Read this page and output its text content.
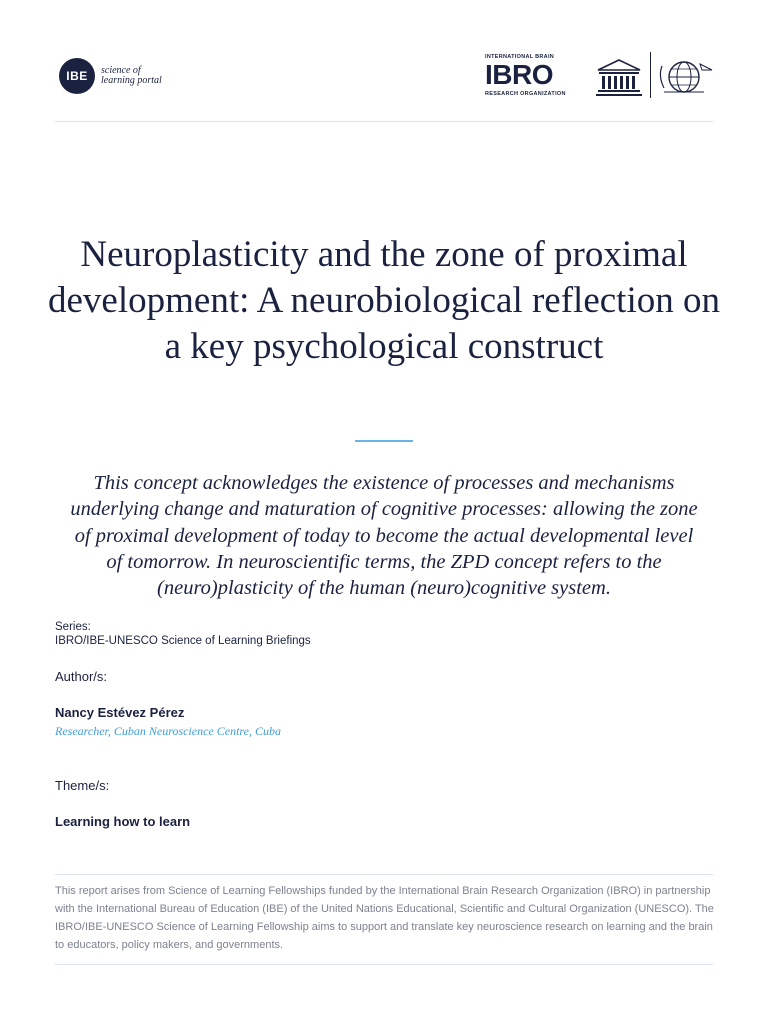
IBE	science of learning portal
INTERNATIONAL BRAIN
IBRO
RESEARCH ORGANIZATION
Neuroplasticity and the zone of proximal development: A neurobiological reflection on a key psychological construct

This concept acknowledges the existence of processes and mechanisms underlying change and maturation of cognitive processes: allowing the zone of proximal development of today to become the actual developmental level of tomorrow. In neuroscientific terms, the ZPD concept refers to the (neuro)plasticity of the human (neuro)cognitive system.

Series:
IBRO/IBE-UNESCO Science of Learning Briefings
Author/s:
Nancy Estévez Pérez
Researcher, Cuban Neuroscience Centre, Cuba
Theme/s:
Learning how to learn

This report arises from Science of Learning Fellowships funded by the International Brain Research Organization (IBRO) in partnership with the International Bureau of Education (IBE) of the United Nations Educational, Scientific and Cultural Organization (UNESCO). The IBRO/IBE-UNESCO Science of Learning Fellowship aims to support and translate key neuroscience research on learning and the brain to educators, policy makers, and governments.
